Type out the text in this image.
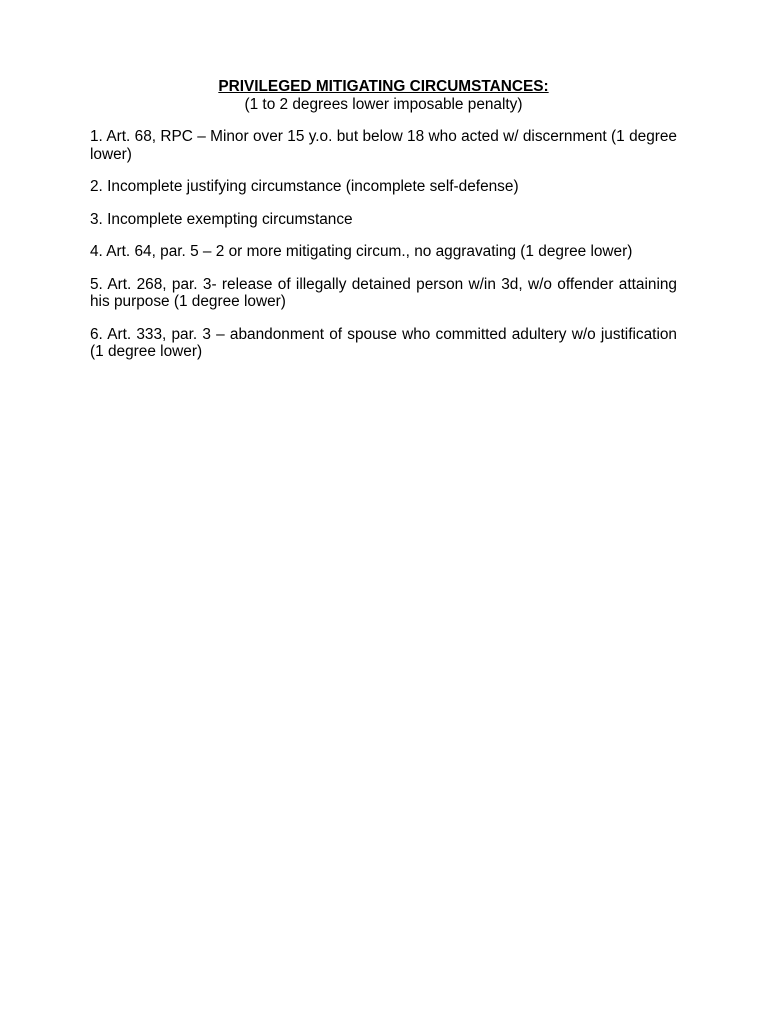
PRIVILEGED MITIGATING CIRCUMSTANCES:

(1 to 2 degrees lower imposable penalty)

1. Art. 68, RPC – Minor over 15 y.o. but below 18 who acted w/ discernment (1 degree lower)

2. Incomplete justifying circumstance (incomplete self-defense)

3. Incomplete exempting circumstance

4. Art. 64, par. 5 – 2 or more mitigating circum., no aggravating (1 degree lower)

5. Art. 268, par. 3- release of illegally detained person w/in 3d, w/o offender attaining his purpose (1 degree lower)

6. Art. 333, par. 3 – abandonment of spouse who committed adultery w/o justification (1 degree lower)
